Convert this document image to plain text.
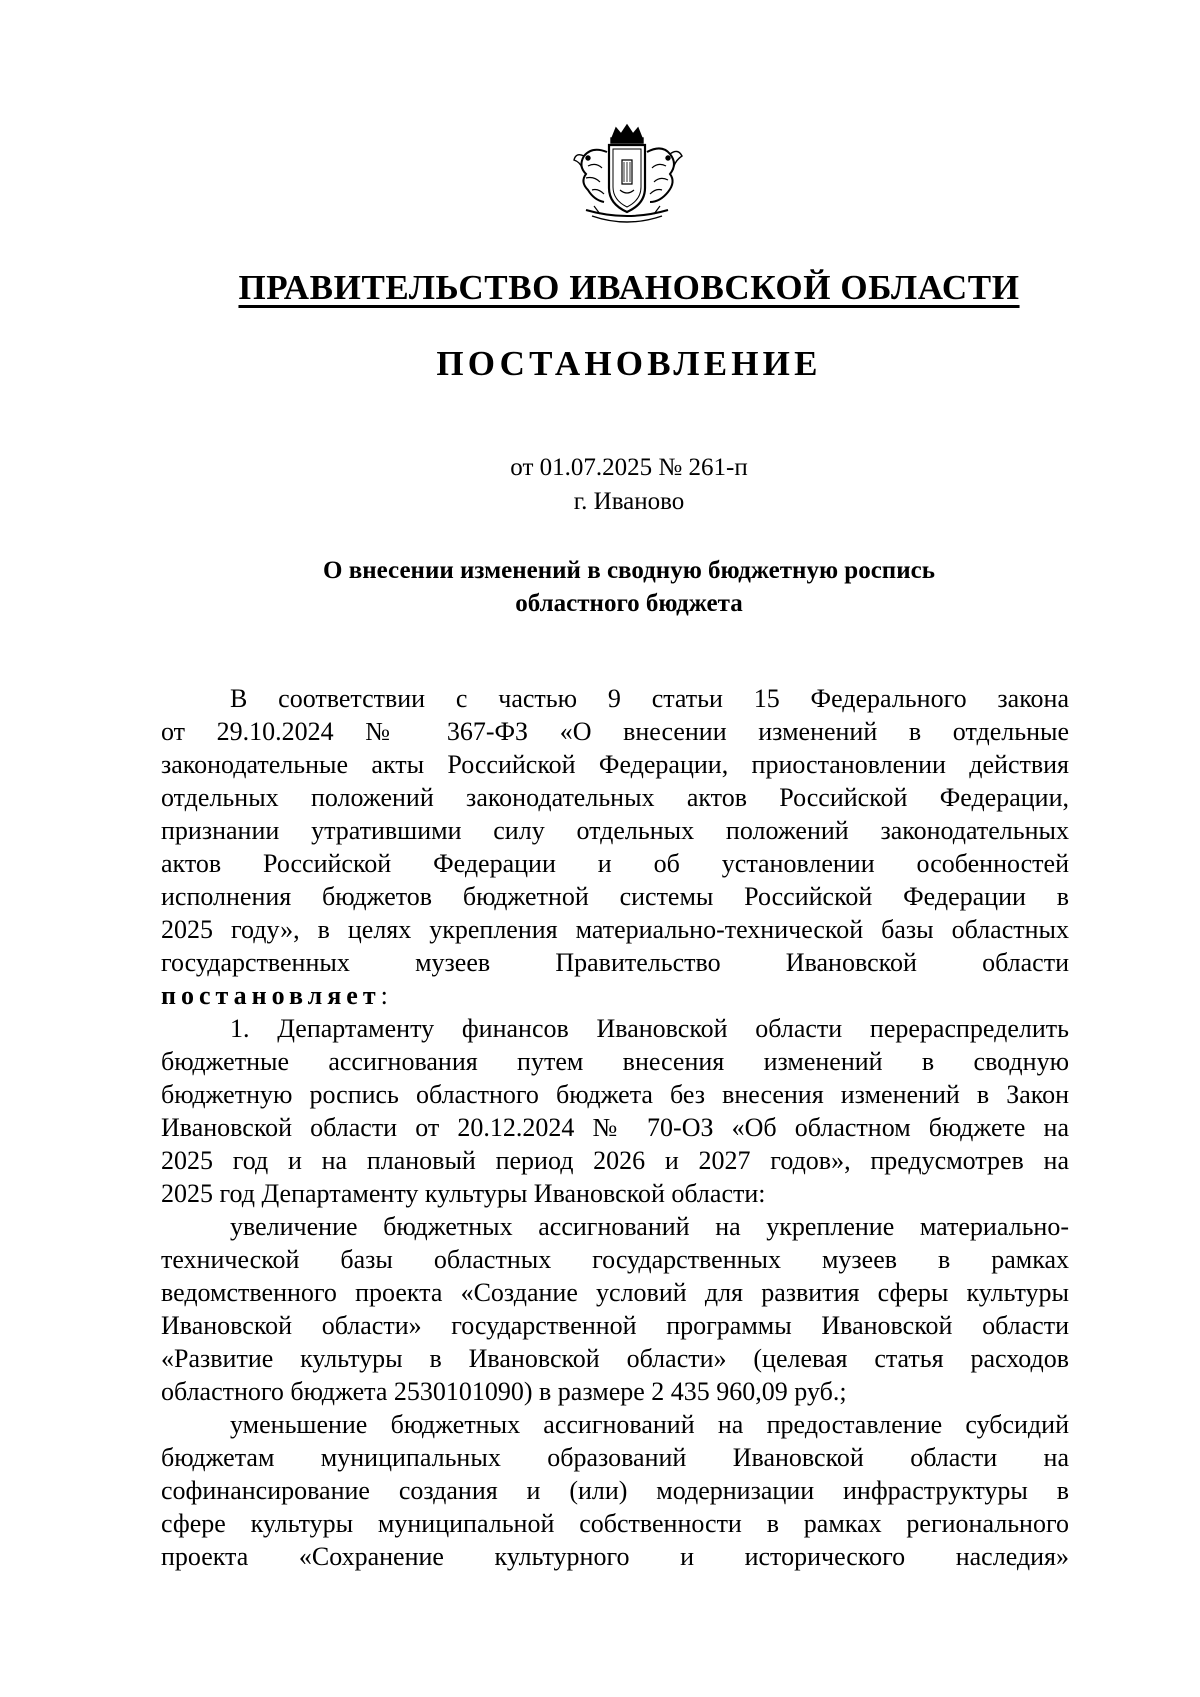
ПРАВИТЕЛЬСТВО ИВАНОВСКОЙ ОБЛАСТИ
ПОСТАНОВЛЕНИЕ
от 01.07.2025 № 261-п
г. Иваново
О внесении изменений в сводную бюджетную роспись
областного бюджета
В соответствии с частью 9 статьи 15 Федерального закона
от 29.10.2024 № 367-ФЗ «О внесении изменений в отдельные
законодательные акты Российской Федерации, приостановлении действия
отдельных положений законодательных актов Российской Федерации,
признании утратившими силу отдельных положений законодательных
актов Российской Федерации и об установлении особенностей
исполнения бюджетов бюджетной системы Российской Федерации в
2025 году», в целях укрепления материально-технической базы областных
государственных музеев Правительство Ивановской области
постановляет:
1. Департаменту финансов Ивановской области перераспределить
бюджетные ассигнования путем внесения изменений в сводную
бюджетную роспись областного бюджета без внесения изменений в Закон
Ивановской области от 20.12.2024 № 70-ОЗ «Об областном бюджете на
2025 год и на плановый период 2026 и 2027 годов», предусмотрев на
2025 год Департаменту культуры Ивановской области:
увеличение бюджетных ассигнований на укрепление материально-
технической базы областных государственных музеев в рамках
ведомственного проекта «Создание условий для развития сферы культуры
Ивановской области» государственной программы Ивановской области
«Развитие культуры в Ивановской области» (целевая статья расходов
областного бюджета 2530101090) в размере 2 435 960,09 руб.;
уменьшение бюджетных ассигнований на предоставление субсидий
бюджетам муниципальных образований Ивановской области на
софинансирование создания и (или) модернизации инфраструктуры в
сфере культуры муниципальной собственности в рамках регионального
проекта «Сохранение культурного и исторического наследия»
